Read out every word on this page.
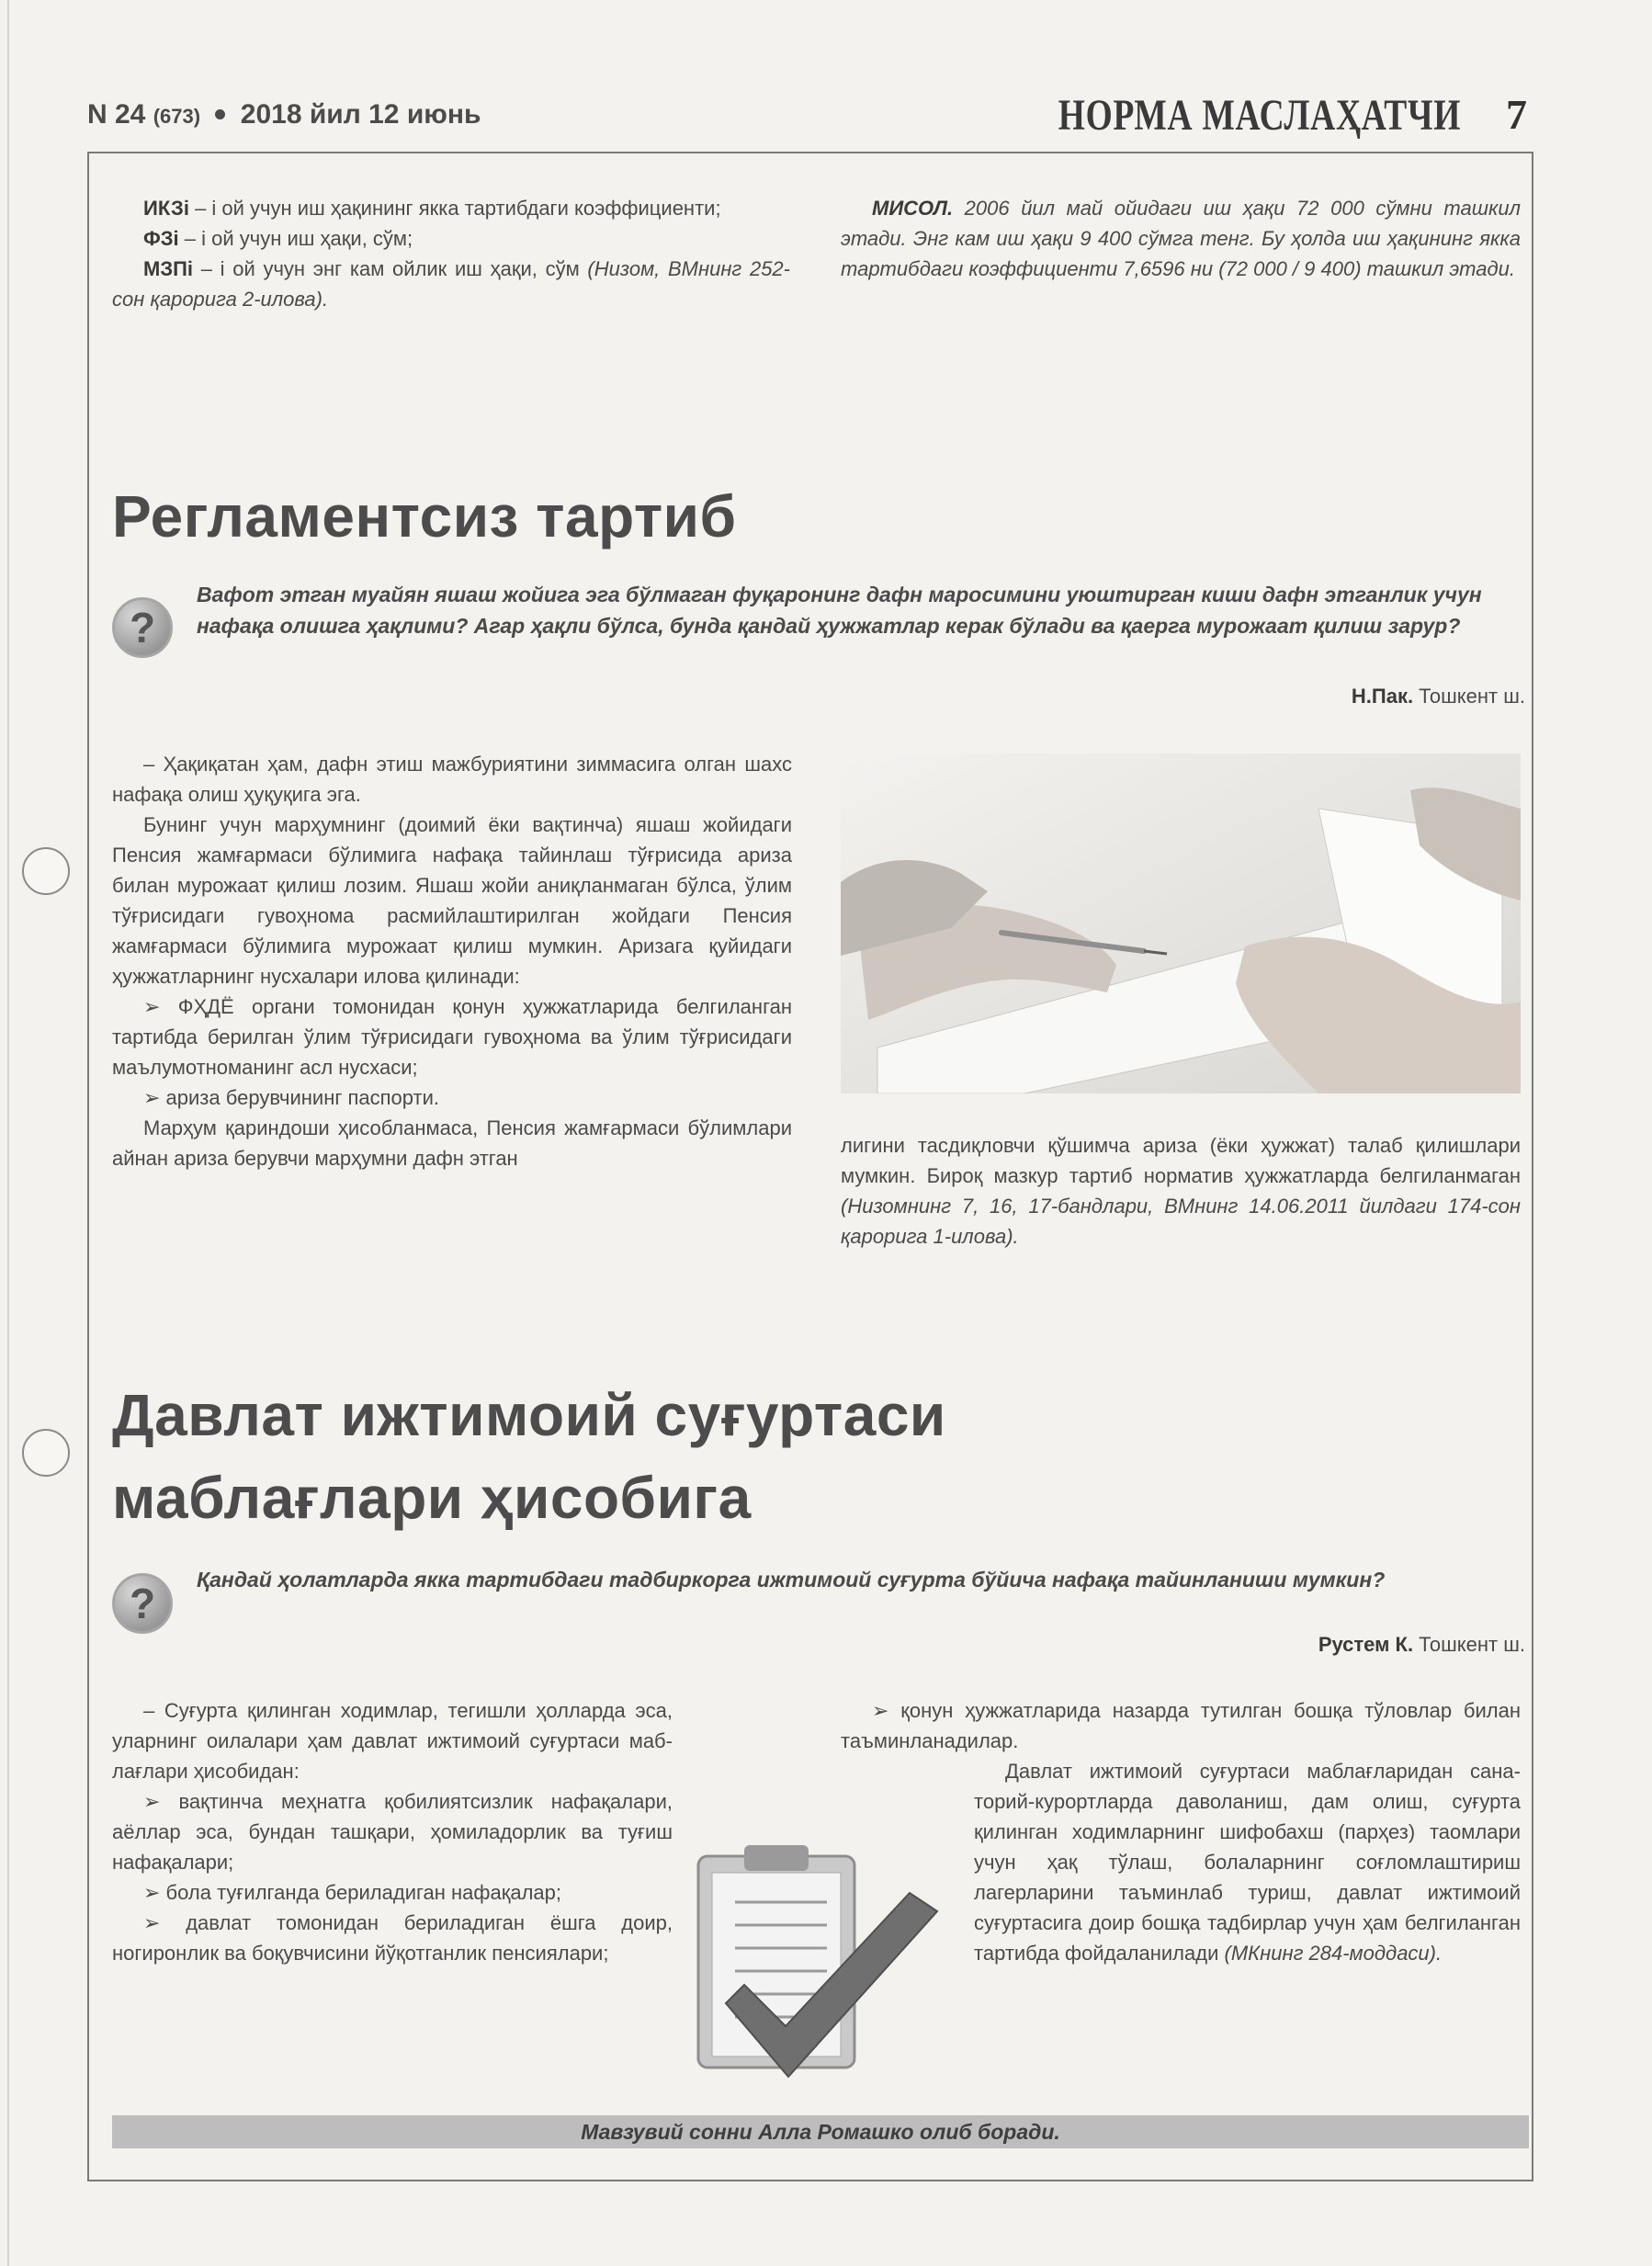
N 24 (673) 2018 йил 12 июнь	НОРМА МАСЛАҲАТЧИ 7

ИКЗі – і ой учун иш ҳақининг якка тартибдаги коэффициенти;

ФЗі – і ой учун иш ҳақи, сўм;

МЗПі – і ой учун энг кам ойлик иш ҳақи, сўм (Низом, ВМнинг 252-сон қарорига 2-илова).

МИСОЛ. 2006 йил май ойидаги иш ҳақи 72 000 сўмни ташкил этади. Энг кам иш ҳақи 9 400 сўмга тенг. Бу ҳолда иш ҳақининг якка тартибдаги коэффициенти 7,6596 ни (72 000 / 9 400) ташкил этади.

Регламентсиз тартиб
?
Вафот этган муайян яшаш жойига эга бўлмаган фуқаронинг дафн маросимини уюштирган киши дафн этганлик учун нафақа олишга ҳақлими? Агар ҳақли бўлса, бунда қандай ҳужжатлар керак бўлади ва қаерга мурожаат қилиш зарур?
Н.Пак. Тошкент ш.

– Ҳақиқатан ҳам, дафн этиш мажбуриятини зиммасига олган шахс нафақа олиш ҳуқуқига эга.

Бунинг учун марҳумнинг (доимий ёки вақтинча) яшаш жойидаги Пенсия жамғармаси бўлимига нафақа тайинлаш тўғрисида ариза билан мурожаат қилиш лозим. Яшаш жойи аниқланмаган бўлса, ўлим тўғрисидаги гувоҳнома расмийлаштирилган жойдаги Пенсия жамғармаси бўлимига мурожаат қилиш мумкин. Аризага қуйидаги ҳужжатларнинг нусхалари илова қилинади:

➢ ФҲДЁ органи томонидан қонун ҳужжатларида белгиланган тартибда берилган ўлим тўғрисидаги гувоҳнома ва ўлим тўғрисидаги маълумотноманинг асл нусхаси;

➢ ариза берувчининг паспорти.

Марҳум қариндоши ҳисобланмаса, Пенсия жамғармаси бўлимлари айнан ариза берувчи марҳумни дафн этган

лигини тасдиқловчи қўшимча ариза (ёки ҳужжат) талаб қилишлари мумкин. Бироқ мазкур тартиб норматив ҳужжатларда белгиланмаган (Низомнинг 7, 16, 17-бандлари, ВМнинг 14.06.2011 йилдаги 174-сон қарорига 1-илова).

Давлат ижтимоий суғуртаси
маблағлари ҳисобига
?	Қандай ҳолатларда якка тартибдаги тадбиркорга ижтимоий суғурта бўйича нафақа тайинланиши мумкин?
Рустем К. Тошкент ш.

– Суғурта қилинган ходимлар, тегишли ҳолларда эса, уларнинг оилалари ҳам давлат ижтимоий суғуртаси маблағлари ҳисобидан:

➢ вақтинча меҳнатга қобилиятсизлик нафақалари, аёллар эса, бундан ташқари, ҳомиладорлик ва туғиш нафақалари;

➢ бола туғилганда бериладиган нафақалар;

➢ давлат томонидан бериладиган ёшга доир, ногиронлик ва боқувчисини йўқотганлик пенсиялари;

➢ қонун ҳужжатларида назарда тутилган бошқа тўловлар билан таъминланадилар.

Давлат ижтимоий суғуртаси маблағларидан санаторий-курортларда даволаниш, дам олиш, суғурта қилинган ходимларнинг шифобахш (парҳез) таомлари учун ҳақ тўлаш, болаларнинг соғломлаштириш лагерларини таъминлаб туриш, давлат ижтимоий суғуртасига доир бошқа тадбирлар учун ҳам белгиланган тартибда фойдаланилади (МКнинг 284-моддаси).

Мавзувий сонни Алла Ромашко олиб боради.
